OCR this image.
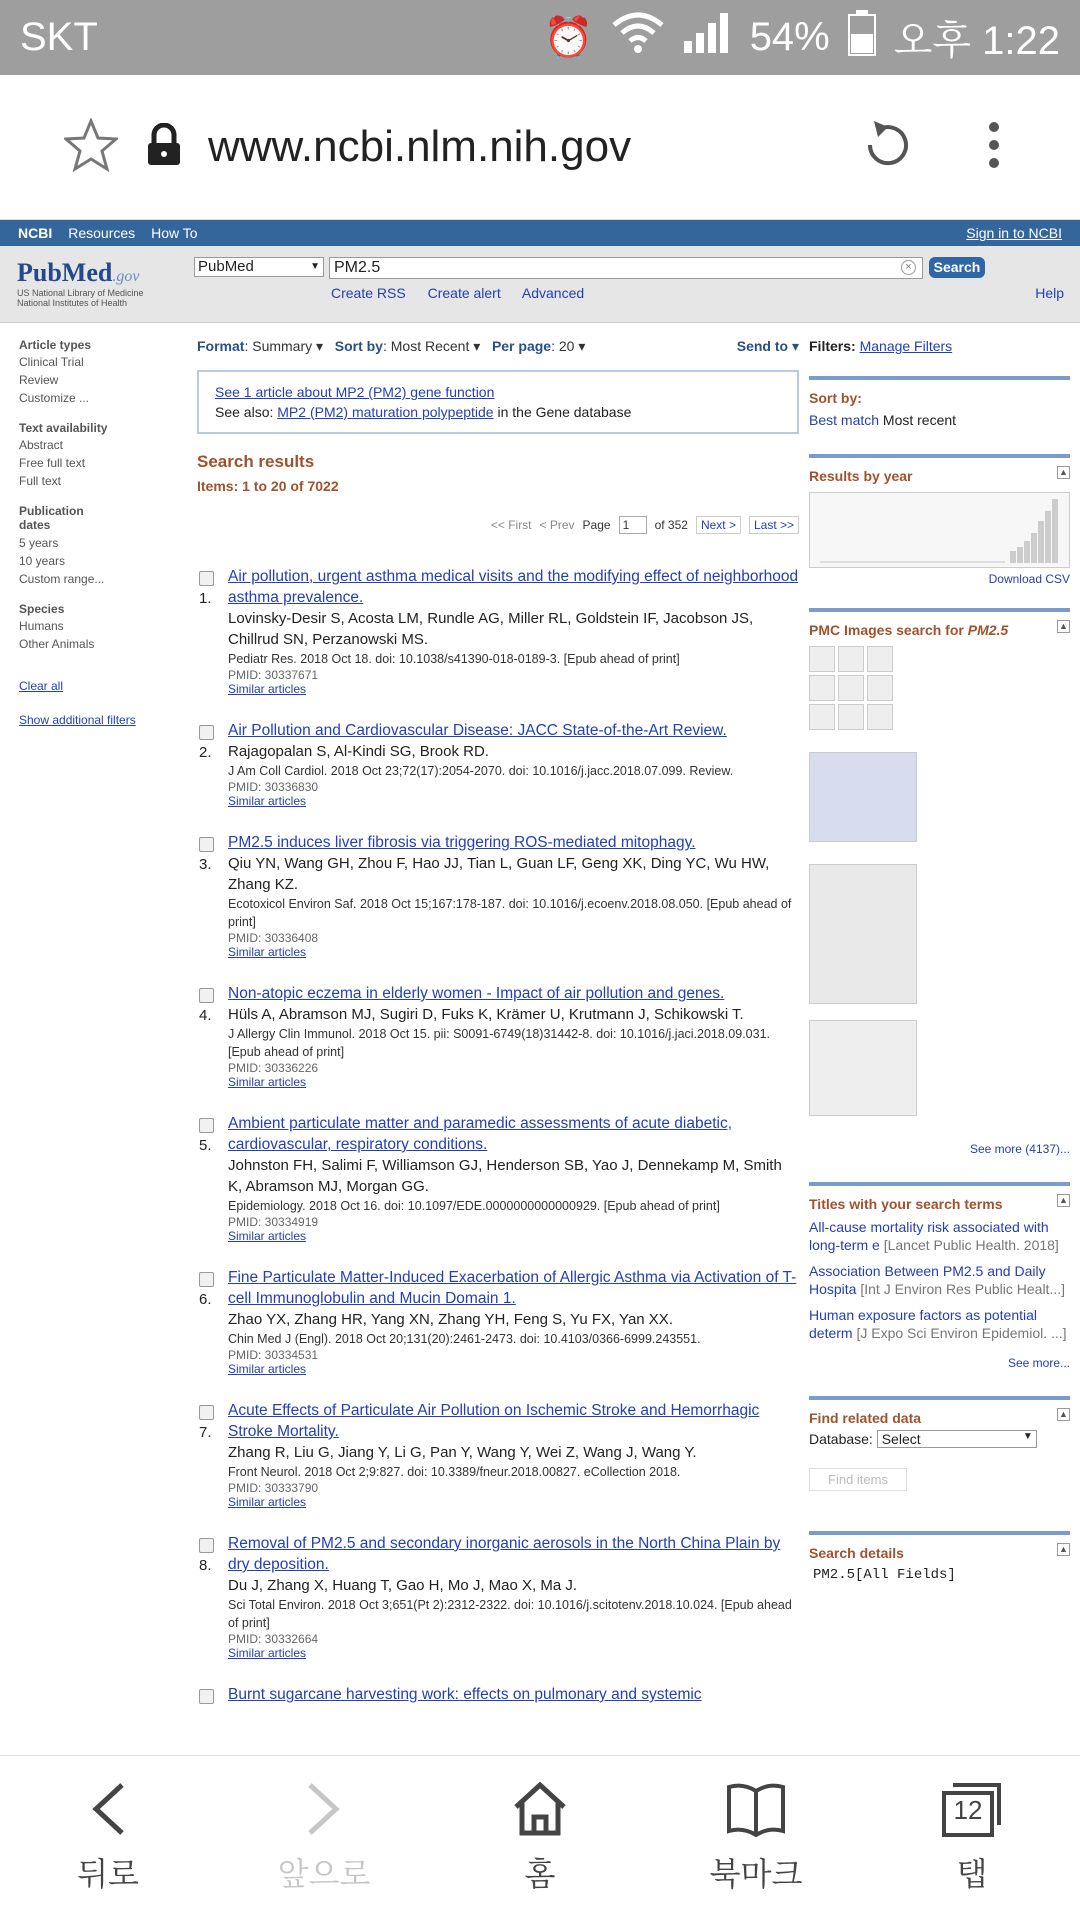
SKT	⏰	54% 오후 1:22
www.ncbi.nlm.nih.gov
NCBI Resources How To	Sign in to NCBI
PubMed.gov
US National Library of Medicine
National Institutes of Health
PubMed	▼ PM2.5	×	Search
Create RSS Create alert Advanced	Help
Article types
Clinical Trial
Review
Customize ...
Text availability
Abstract
Free full text
Full text
Publication
dates
5 years
10 years
Custom range...
Species
Humans
Other Animals
Clear all
Show additional filters
Format: Summary ▾   Sort by: Most Recent ▾   Per page: 20 ▾	Send to ▾
See 1 article about MP2 (PM2) gene function
See also: MP2 (PM2) maturation polypeptide in the Gene database
Search results
Items: 1 to 20 of 7022
<< First < Prev Page	1	of 352	Next >	Last >>
1.
Air pollution, urgent asthma medical visits and the modifying effect of neighborhood asthma prevalence.
Lovinsky-Desir S, Acosta LM, Rundle AG, Miller RL, Goldstein IF, Jacobson JS, Chillrud SN, Perzanowski MS.
Pediatr Res. 2018 Oct 18. doi: 10.1038/s41390-018-0189-3. [Epub ahead of print]
PMID: 30337671
Similar articles
2.
Air Pollution and Cardiovascular Disease: JACC State-of-the-Art Review.
Rajagopalan S, Al-Kindi SG, Brook RD.
J Am Coll Cardiol. 2018 Oct 23;72(17):2054-2070. doi: 10.1016/j.jacc.2018.07.099. Review.
PMID: 30336830
Similar articles
3.
PM2.5 induces liver fibrosis via triggering ROS-mediated mitophagy.
Qiu YN, Wang GH, Zhou F, Hao JJ, Tian L, Guan LF, Geng XK, Ding YC, Wu HW, Zhang KZ.
Ecotoxicol Environ Saf. 2018 Oct 15;167:178-187. doi: 10.1016/j.ecoenv.2018.08.050. [Epub ahead of print]
PMID: 30336408
Similar articles
4.
Non-atopic eczema in elderly women - Impact of air pollution and genes.
Hüls A, Abramson MJ, Sugiri D, Fuks K, Krämer U, Krutmann J, Schikowski T.
J Allergy Clin Immunol. 2018 Oct 15. pii: S0091-6749(18)31442-8. doi: 10.1016/j.jaci.2018.09.031. [Epub ahead of print]
PMID: 30336226
Similar articles
5.
Ambient particulate matter and paramedic assessments of acute diabetic, cardiovascular, respiratory conditions.
Johnston FH, Salimi F, Williamson GJ, Henderson SB, Yao J, Dennekamp M, Smith K, Abramson MJ, Morgan GG.
Epidemiology. 2018 Oct 16. doi: 10.1097/EDE.0000000000000929. [Epub ahead of print]
PMID: 30334919
Similar articles
6.
Fine Particulate Matter-Induced Exacerbation of Allergic Asthma via Activation of T-cell Immunoglobulin and Mucin Domain 1.
Zhao YX, Zhang HR, Yang XN, Zhang YH, Feng S, Yu FX, Yan XX.
Chin Med J (Engl). 2018 Oct 20;131(20):2461-2473. doi: 10.4103/0366-6999.243551.
PMID: 30334531
Similar articles
7.
Acute Effects of Particulate Air Pollution on Ischemic Stroke and Hemorrhagic Stroke Mortality.
Zhang R, Liu G, Jiang Y, Li G, Pan Y, Wang Y, Wei Z, Wang J, Wang Y.
Front Neurol. 2018 Oct 2;9:827. doi: 10.3389/fneur.2018.00827. eCollection 2018.
PMID: 30333790
Similar articles
8.
Removal of PM2.5 and secondary inorganic aerosols in the North China Plain by dry deposition.
Du J, Zhang X, Huang T, Gao H, Mo J, Mao X, Ma J.
Sci Total Environ. 2018 Oct 3;651(Pt 2):2312-2322. doi: 10.1016/j.scitotenv.2018.10.024. [Epub ahead of print]
PMID: 30332664
Similar articles
Burnt sugarcane harvesting work: effects on pulmonary and systemic
Filters: Manage Filters
Sort by:
Best match Most recent
Results by year	▲
Download CSV
PMC Images search for PM2.5	▲
See more (4137)...
Titles with your search terms	▲
All-cause mortality risk associated with long-term e [Lancet Public Health. 2018]
Association Between PM2.5 and Daily Hospita [Int J Environ Res Public Healt...]
Human exposure factors as potential determ [J Expo Sci Environ Epidemiol. ...]
See more...
Find related data	▲
Database: Select	▼
Find items
Search details	▲
PM2.5[All Fields]
뒤로	앞으로	홈	북마크
12
탭
